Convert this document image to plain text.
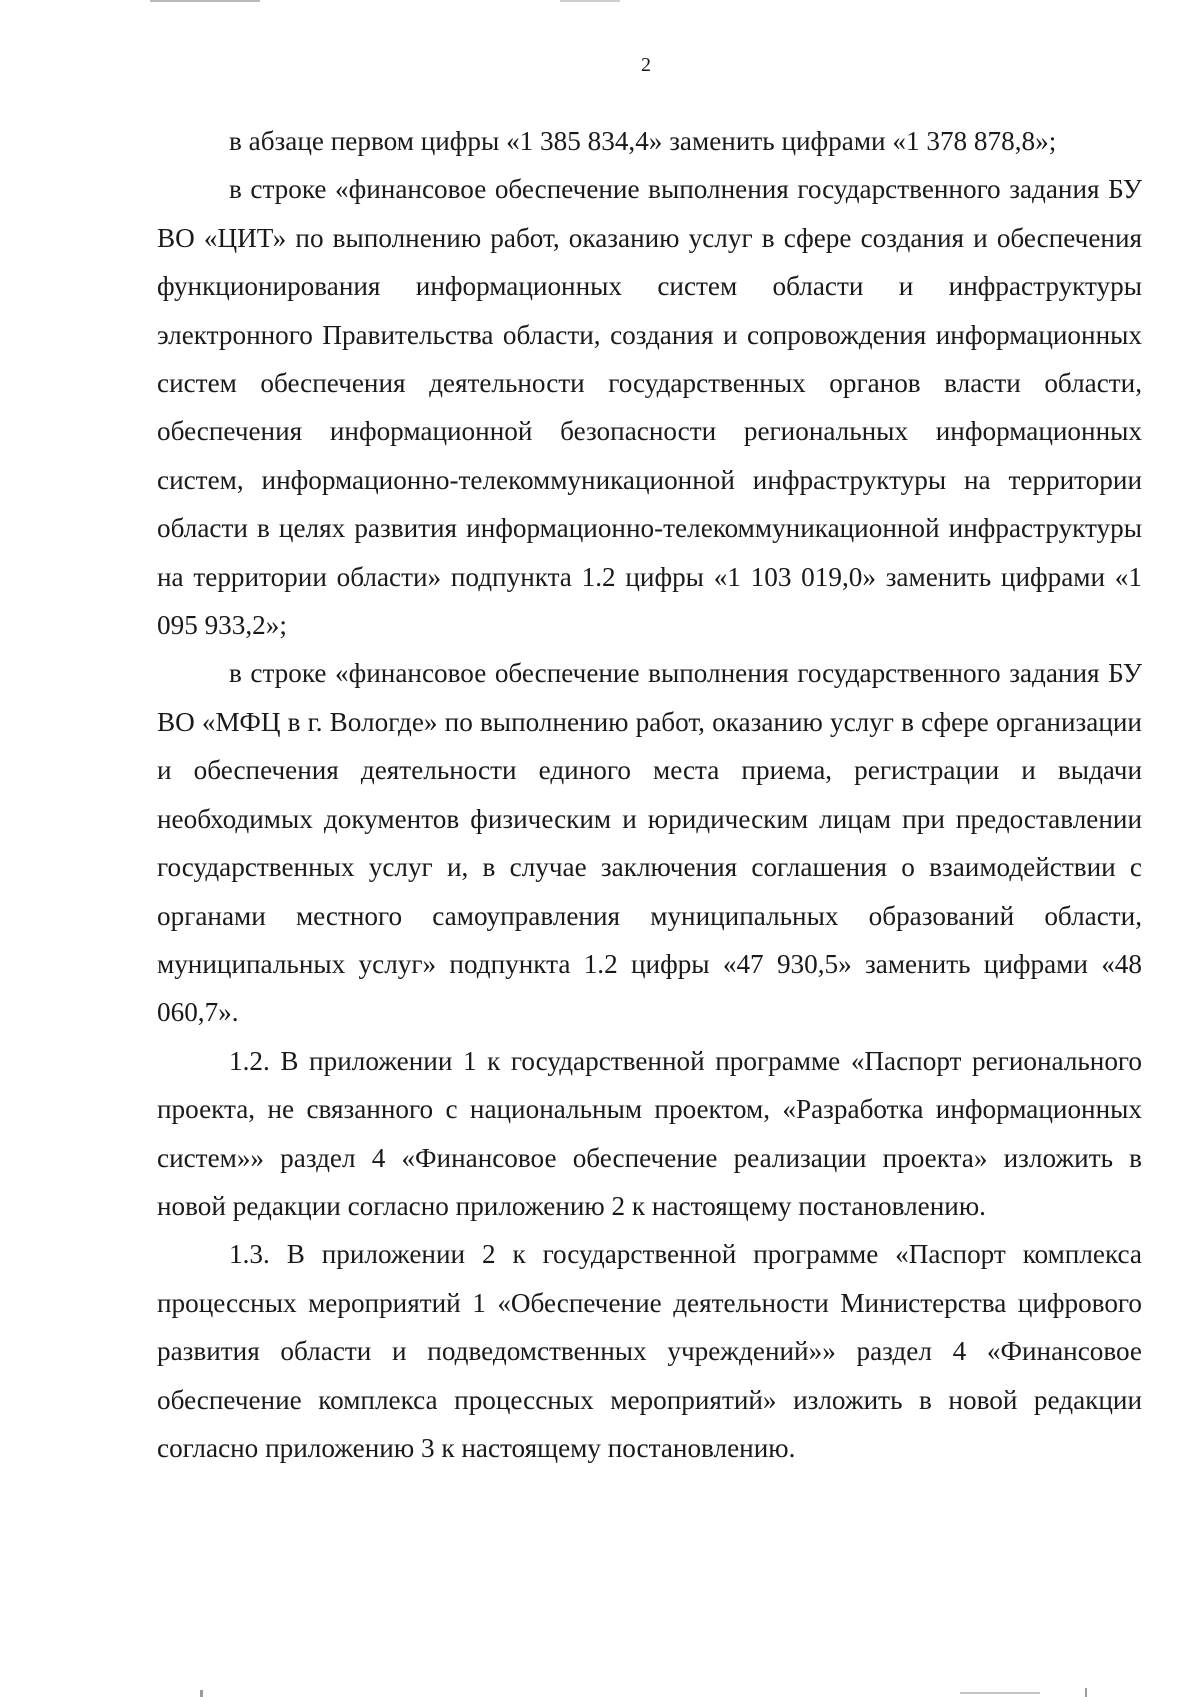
2

в абзаце первом цифры «1 385 834,4» заменить цифрами «1 378 878,8»;

в строке «финансовое обеспечение выполнения государственного задания БУ ВО «ЦИТ» по выполнению работ, оказанию услуг в сфере создания и обеспечения функционирования информационных систем области и инфраструктуры электронного Правительства области, создания и сопровождения информационных систем обеспечения деятельности государственных органов власти области, обеспечения информационной безопасности региональных информационных систем, информационно-телекоммуникационной инфраструктуры на территории области в целях развития информационно-телекоммуникационной инфраструктуры на территории области» подпункта 1.2 цифры «1 103 019,0» заменить цифрами «1 095 933,2»;

в строке «финансовое обеспечение выполнения государственного задания БУ ВО «МФЦ в г. Вологде» по выполнению работ, оказанию услуг в сфере организации и обеспечения деятельности единого места приема, регистрации и выдачи необходимых документов физическим и юридическим лицам при предоставлении государственных услуг и, в случае заключения соглашения о взаимодействии с органами местного самоуправления муниципальных образований области, муниципальных услуг» подпункта 1.2 цифры «47 930,5» заменить цифрами «48 060,7».

1.2. В приложении 1 к государственной программе «Паспорт регионального проекта, не связанного с национальным проектом, «Разработка информационных систем»» раздел 4 «Финансовое обеспечение реализации проекта» изложить в новой редакции согласно приложению 2 к настоящему постановлению.

1.3. В приложении 2 к государственной программе «Паспорт комплекса процессных мероприятий 1 «Обеспечение деятельности Министерства цифрового развития области и подведомственных учреждений»» раздел 4 «Финансовое обеспечение комплекса процессных мероприятий» изложить в новой редакции согласно приложению 3 к настоящему постановлению.
